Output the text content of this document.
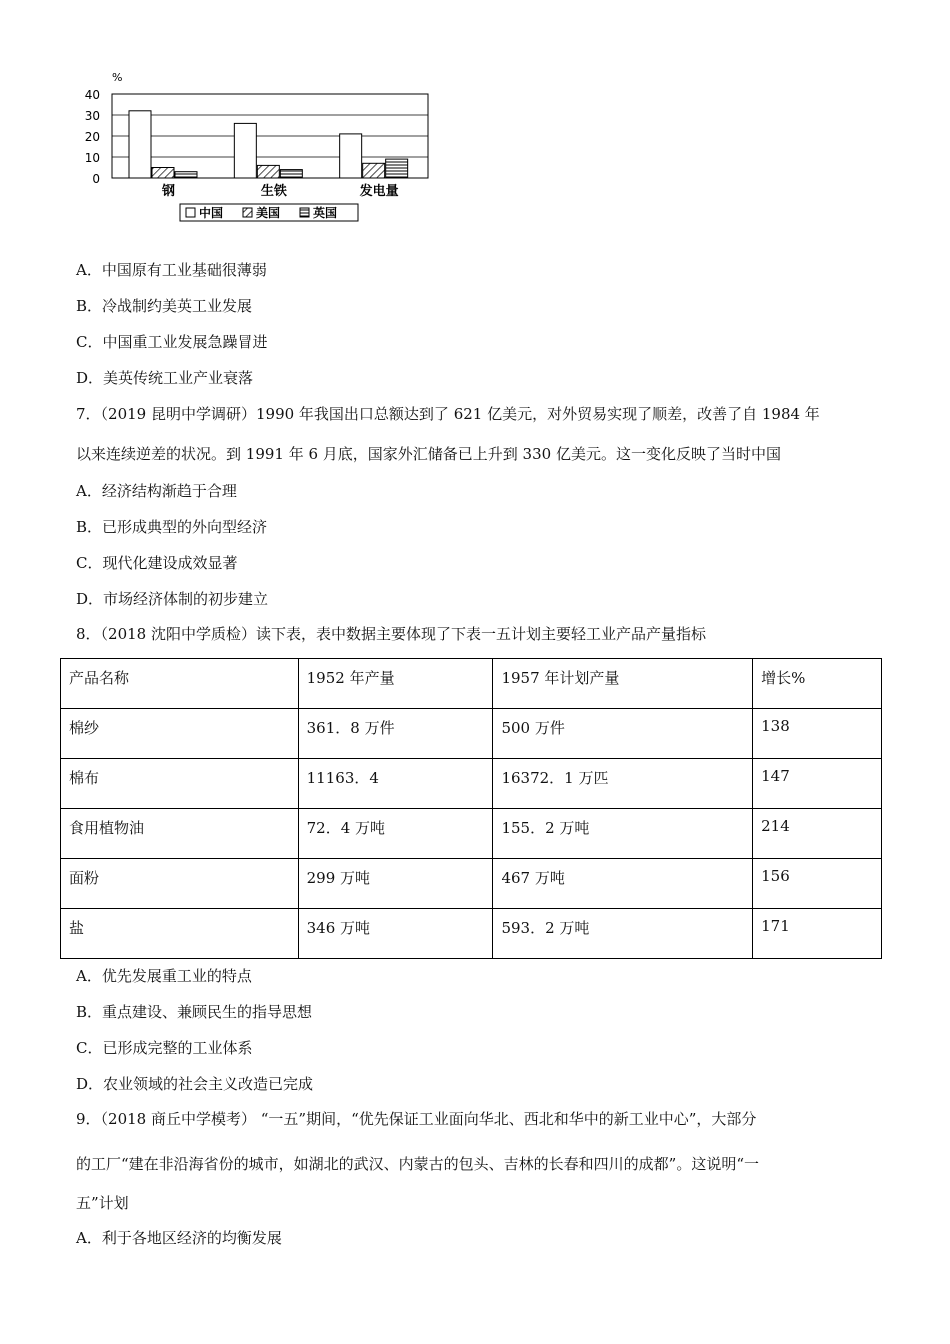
40
30
20
10
0
%
钢	生铁	发电量
中国	美国	英国
A．中国原有工业基础很薄弱
B．冷战制约美英工业发展
C．中国重工业发展急躁冒进
D．美英传统工业产业衰落
7．（2019 昆明中学调研）1990 年我国出口总额达到了 621 亿美元，对外贸易实现了顺差，改善了自 1984 年
以来连续逆差的状况。到 1991 年 6 月底，国家外汇储备已上升到 330 亿美元。这一变化反映了当时中国
A．经济结构渐趋于合理
B．已形成典型的外向型经济
C．现代化建设成效显著
D．市场经济体制的初步建立
8．（2018 沈阳中学质检）读下表，表中数据主要体现了下表一五计划主要轻工业产品产量指标
产品名称	1952 年产量	1957 年计划产量	增长%
棉纱	361．8 万件	500 万件	138
棉布	11163．4	16372．1 万匹	147
食用植物油	72．4 万吨	155．2 万吨	214
面粉	299 万吨	467 万吨	156
盐	346 万吨	593．2 万吨	171
A．优先发展重工业的特点
B．重点建设、兼顾民生的指导思想
C．已形成完整的工业体系
D．农业领域的社会主义改造已完成
9．（2018 商丘中学模考） “一五”期间，“优先保证工业面向华北、西北和华中的新工业中心”，大部分
的工厂“建在非沿海省份的城市，如湖北的武汉、内蒙古的包头、吉林的长春和四川的成都”。这说明“一
五”计划
A．利于各地区经济的均衡发展
